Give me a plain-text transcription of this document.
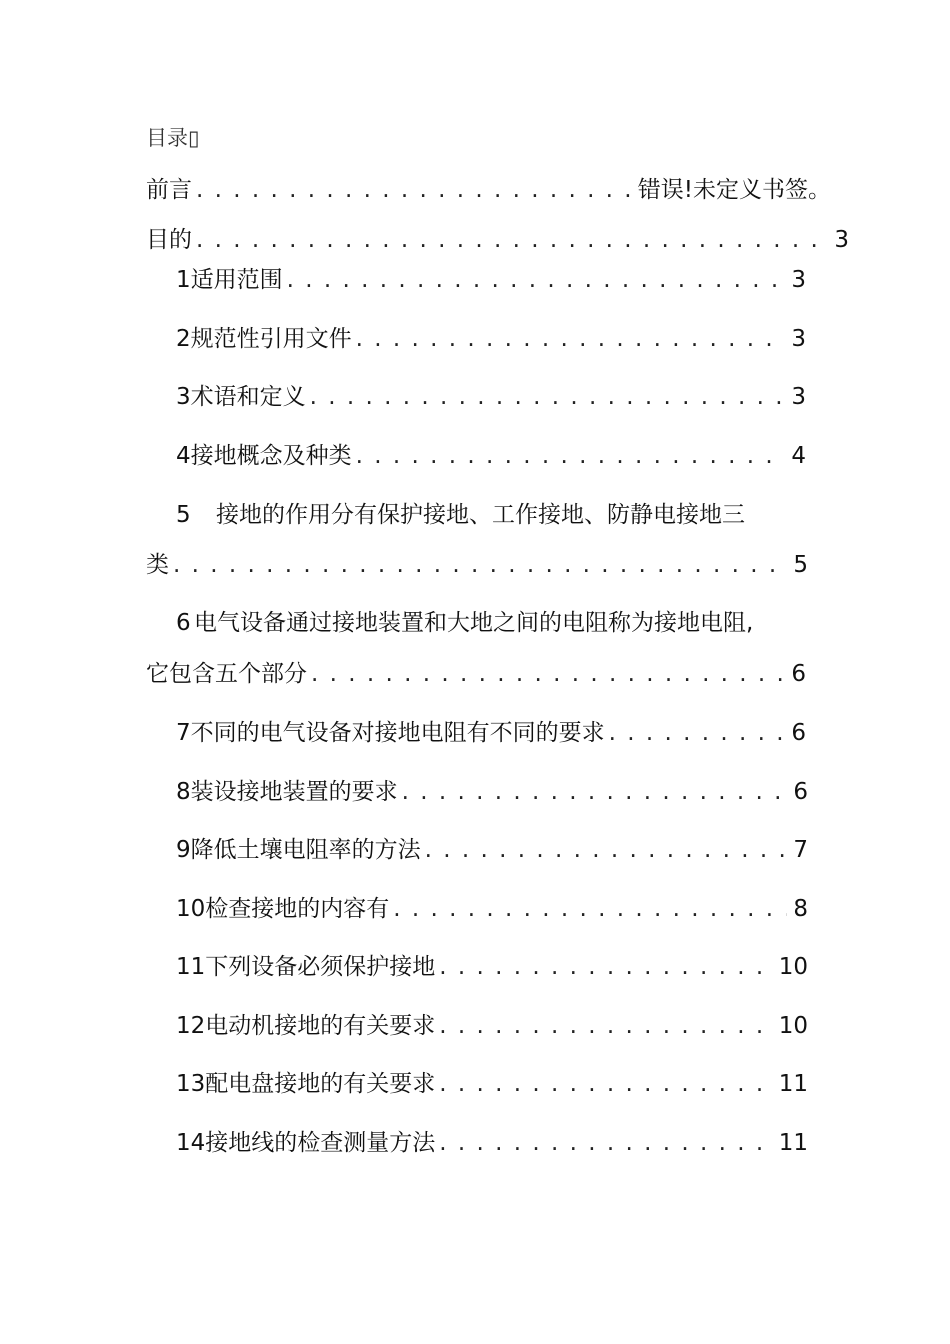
目录▯
前言 . . .	错误!未定义书签。
目的 . . .	3
1 适用范围 . . .	3
2 规范性引用文件 . . .	3
3 术语和定义 . . .	3
4 接地概念及种类 . . .	4
5 接地的作用分有保护接地、工作接地、防静电接地三
类 . . .	5
6 电气设备通过接地装置和大地之间的电阻称为接地电阻,
它包含五个部分 . . .	6
7 不同的电气设备对接地电阻有不同的要求 . . .	6
8 装设接地装置的要求 . . .	6
9 降低土壤电阻率的方法 . . .	7
10 检查接地的内容有 . . .	8
11 下列设备必须保护接地 . . .	10
12 电动机接地的有关要求 . . .	10
13 配电盘接地的有关要求 . . .	11
14 接地线的检查测量方法 . . .	11
